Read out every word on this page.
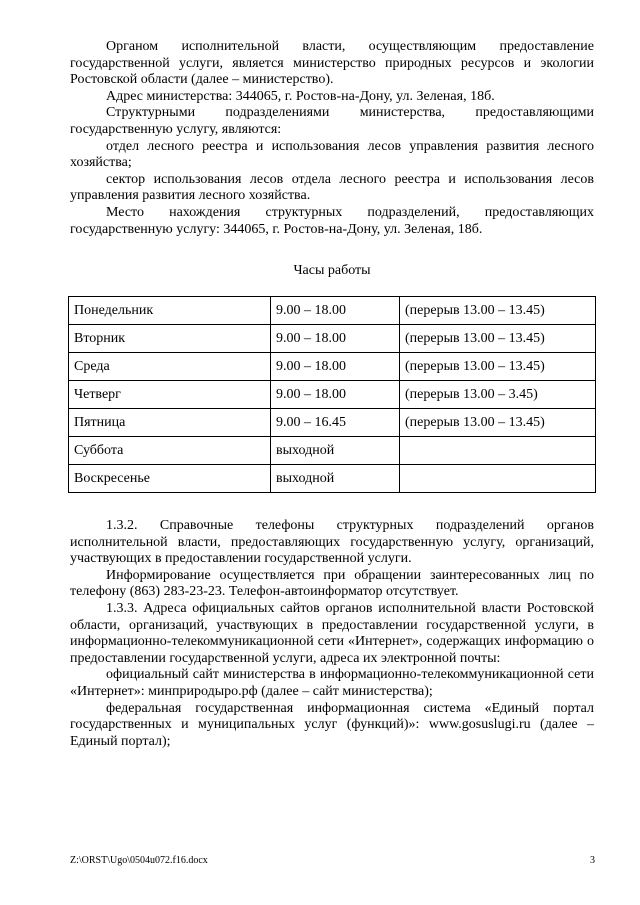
Органом исполнительной власти, осуществляющим предоставление государственной услуги, является министерство природных ресурсов и экологии Ростовской области (далее – министерство).

Адрес министерства: 344065, г. Ростов-на-Дону, ул. Зеленая, 18б.

Структурными подразделениями министерства, предоставляющими государственную услугу, являются:

отдел лесного реестра и использования лесов управления развития лесного хозяйства;

сектор использования лесов отдела лесного реестра и использования лесов управления развития лесного хозяйства.

Место нахождения структурных подразделений, предоставляющих государственную услугу: 344065, г. Ростов-на-Дону, ул. Зеленая, 18б.

Часы работы
Понедельник	9.00 – 18.00	(перерыв 13.00 – 13.45)
Вторник	9.00 – 18.00	(перерыв 13.00 – 13.45)
Среда	9.00 – 18.00	(перерыв 13.00 – 13.45)
Четверг	9.00 – 18.00	(перерыв 13.00 – 3.45)
Пятница	9.00 – 16.45	(перерыв 13.00 – 13.45)
Суббота	выходной	
Воскресенье	выходной	

1.3.2. Справочные телефоны структурных подразделений органов исполнительной власти, предоставляющих государственную услугу, организаций, участвующих в предоставлении государственной услуги.

Информирование осуществляется при обращении заинтересованных лиц по телефону (863) 283-23-23. Телефон-автоинформатор отсутствует.

1.3.3. Адреса официальных сайтов органов исполнительной власти Ростовской области, организаций, участвующих в предоставлении государственной услуги, в информационно-телекоммуникационной сети «Интернет», содержащих информацию о предоставлении государственной услуги, адреса их электронной почты:

официальный сайт министерства в информационно-телекоммуникационной сети «Интернет»: минприродыро.рф (далее – сайт министерства);

федеральная государственная информационная система «Единый портал государственных и муниципальных услуг (функций)»: www.gosuslugi.ru (далее – Единый портал);

Z:\ORST\Ugo\0504u072.f16.docx	3
